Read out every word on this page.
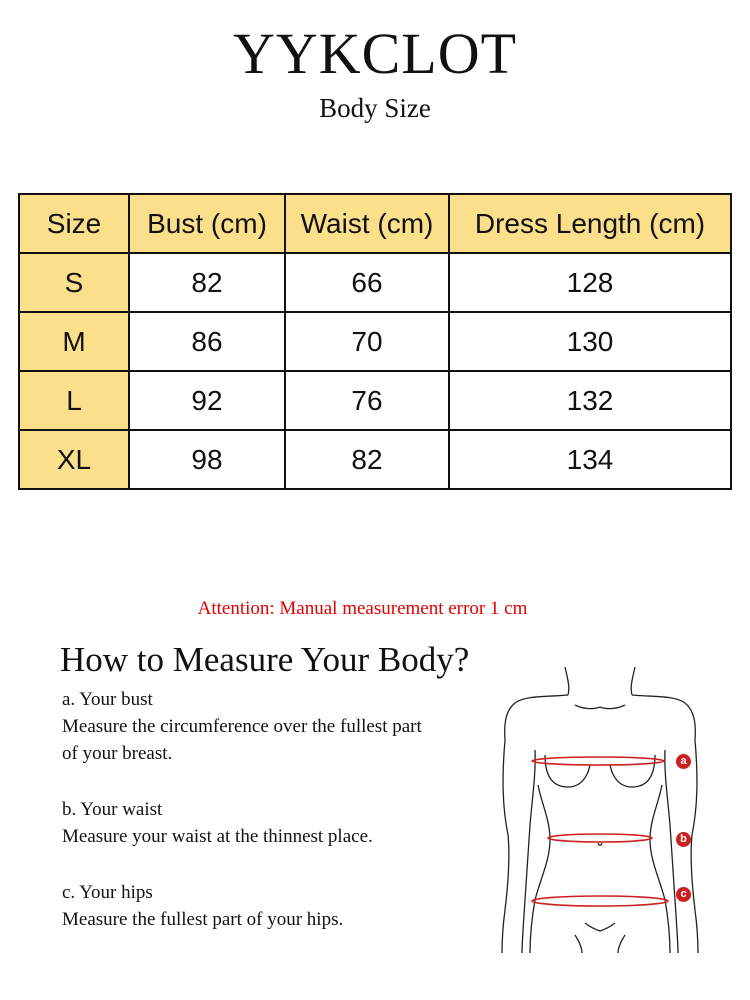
YYKCLOT
Body Size
Size	Bust (cm)	Waist (cm)	Dress Length (cm)
S	82	66	128
M	86	70	130
L	92	76	132
XL	98	82	134
Attention: Manual measurement error 1 cm
How to Measure Your Body?
a. Your bust
Measure the circumference over the fullest part
of your breast.
b. Your waist
Measure your waist at the thinnest place.
c. Your hips
Measure the fullest part of your hips.
a
b
c
